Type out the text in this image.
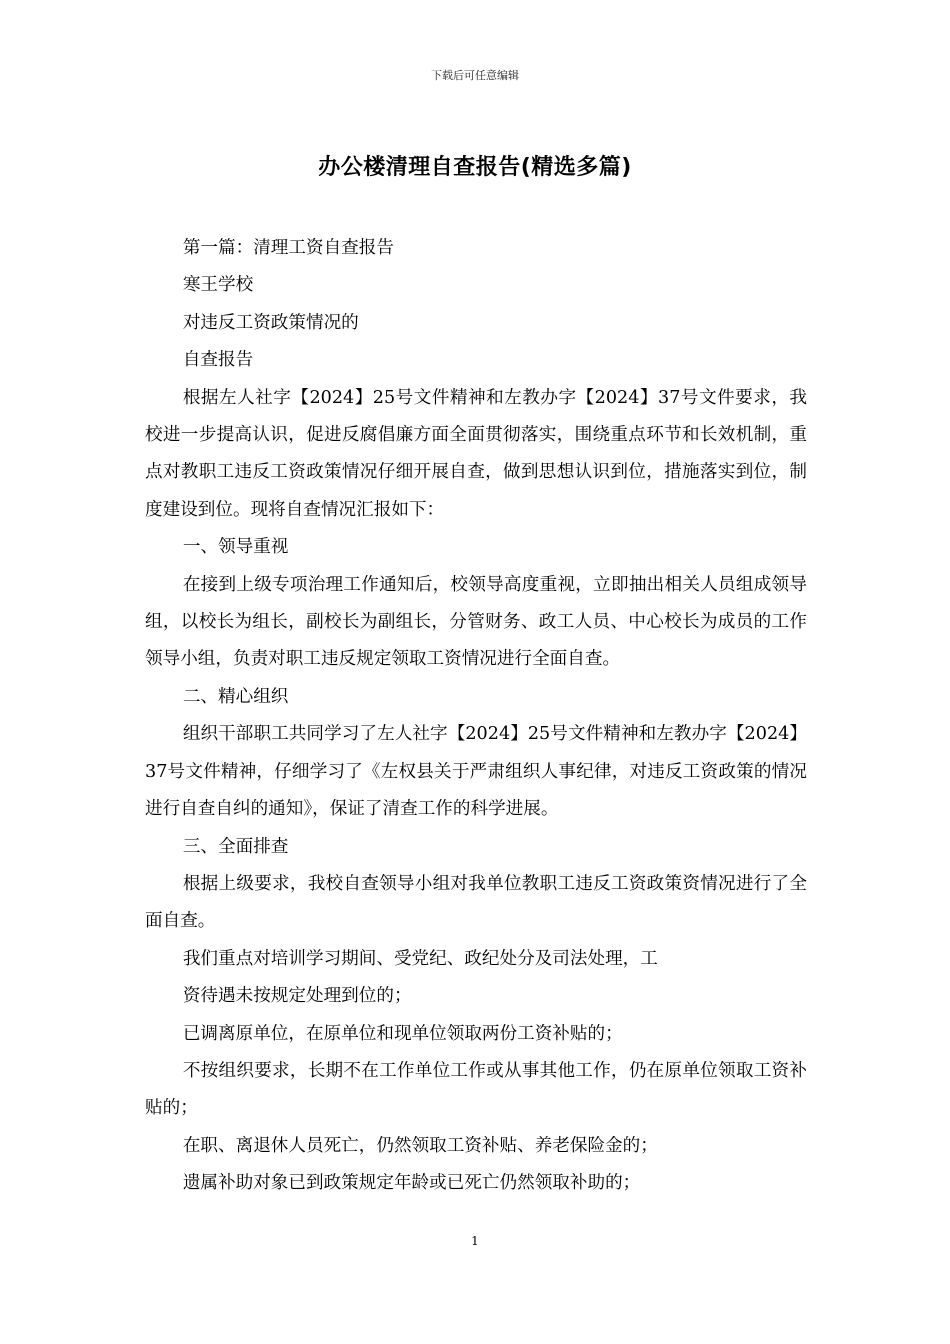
下载后可任意编辑
办公楼清理自查报告(精选多篇)

第一篇：清理工资自查报告

寒王学校

对违反工资政策情况的

自查报告

根据左人社字【2024】25号文件精神和左教办字【2024】37号文件要求，我校进一步提高认识，促进反腐倡廉方面全面贯彻落实，围绕重点环节和长效机制，重点对教职工违反工资政策情况仔细开展自查，做到思想认识到位，措施落实到位，制度建设到位。现将自查情况汇报如下：

一、领导重视

在接到上级专项治理工作通知后，校领导高度重视，立即抽出相关人员组成领导组，以校长为组长，副校长为副组长，分管财务、政工人员、中心校长为成员的工作领导小组，负责对职工违反规定领取工资情况进行全面自查。

二、精心组织

组织干部职工共同学习了左人社字【2024】25号文件精神和左教办字【2024】37号文件精神，仔细学习了《左权县关于严肃组织人事纪律，对违反工资政策的情况进行自查自纠的通知》，保证了清查工作的科学进展。

三、全面排查

根据上级要求，我校自查领导小组对我单位教职工违反工资政策资情况进行了全面自查。

我们重点对培训学习期间、受党纪、政纪处分及司法处理，工

资待遇未按规定处理到位的；

已调离原单位，在原单位和现单位领取两份工资补贴的；

不按组织要求，长期不在工作单位工作或从事其他工作，仍在原单位领取工资补贴的；

在职、离退休人员死亡，仍然领取工资补贴、养老保险金的；

遗属补助对象已到政策规定年龄或已死亡仍然领取补助的；

1
